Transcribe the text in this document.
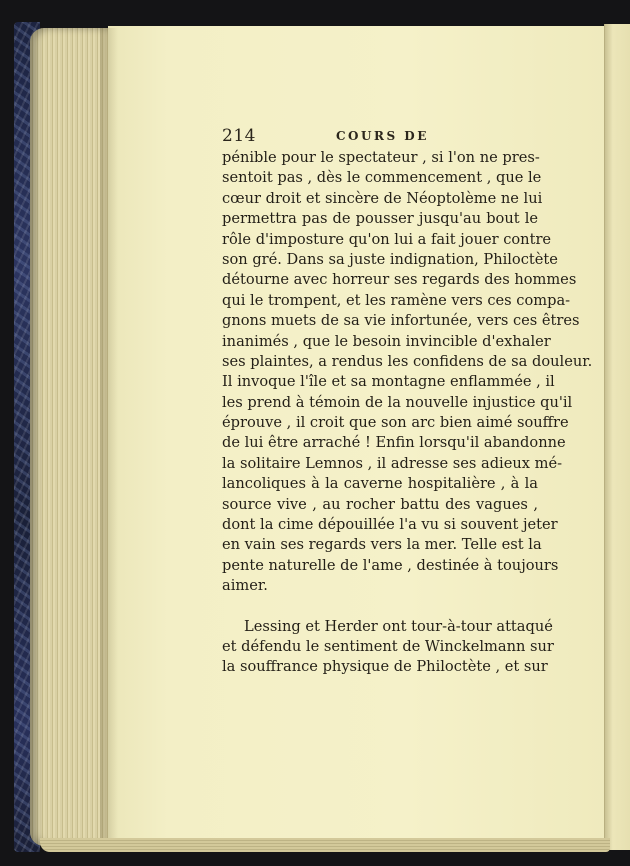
214	COURS DE
pénible pour le spectateur , si l'on ne pres-
sentoit pas , dès le commencement , que le
cœur droit et sincère de Néoptolème ne lui
permettra pas de pousser jusqu'au bout le
rôle d'imposture qu'on lui a fait jouer contre
son gré. Dans sa juste indignation, Philoctète
détourne avec horreur ses regards des hommes
qui le trompent, et les ramène vers ces compa-
gnons muets de sa vie infortunée, vers ces êtres
inanimés , que le besoin invincible d'exhaler
ses plaintes, a rendus les confidens de sa douleur.
Il invoque l'île et sa montagne enflammée , il
les prend à témoin de la nouvelle injustice qu'il
éprouve , il croit que son arc bien aimé souffre
de lui être arraché ! Enfin lorsqu'il abandonne
la solitaire Lemnos , il adresse ses adieux mé-
lancoliques à la caverne hospitalière , à la
source vive , au rocher battu des vagues ,
dont la cime dépouillée l'a vu si souvent jeter
en vain ses regards vers la mer. Telle est la
pente naturelle de l'ame , destinée à toujours
aimer.
Lessing et Herder ont tour-à-tour attaqué
et défendu le sentiment de Winckelmann sur
la souffrance physique de Philoctète , et sur
